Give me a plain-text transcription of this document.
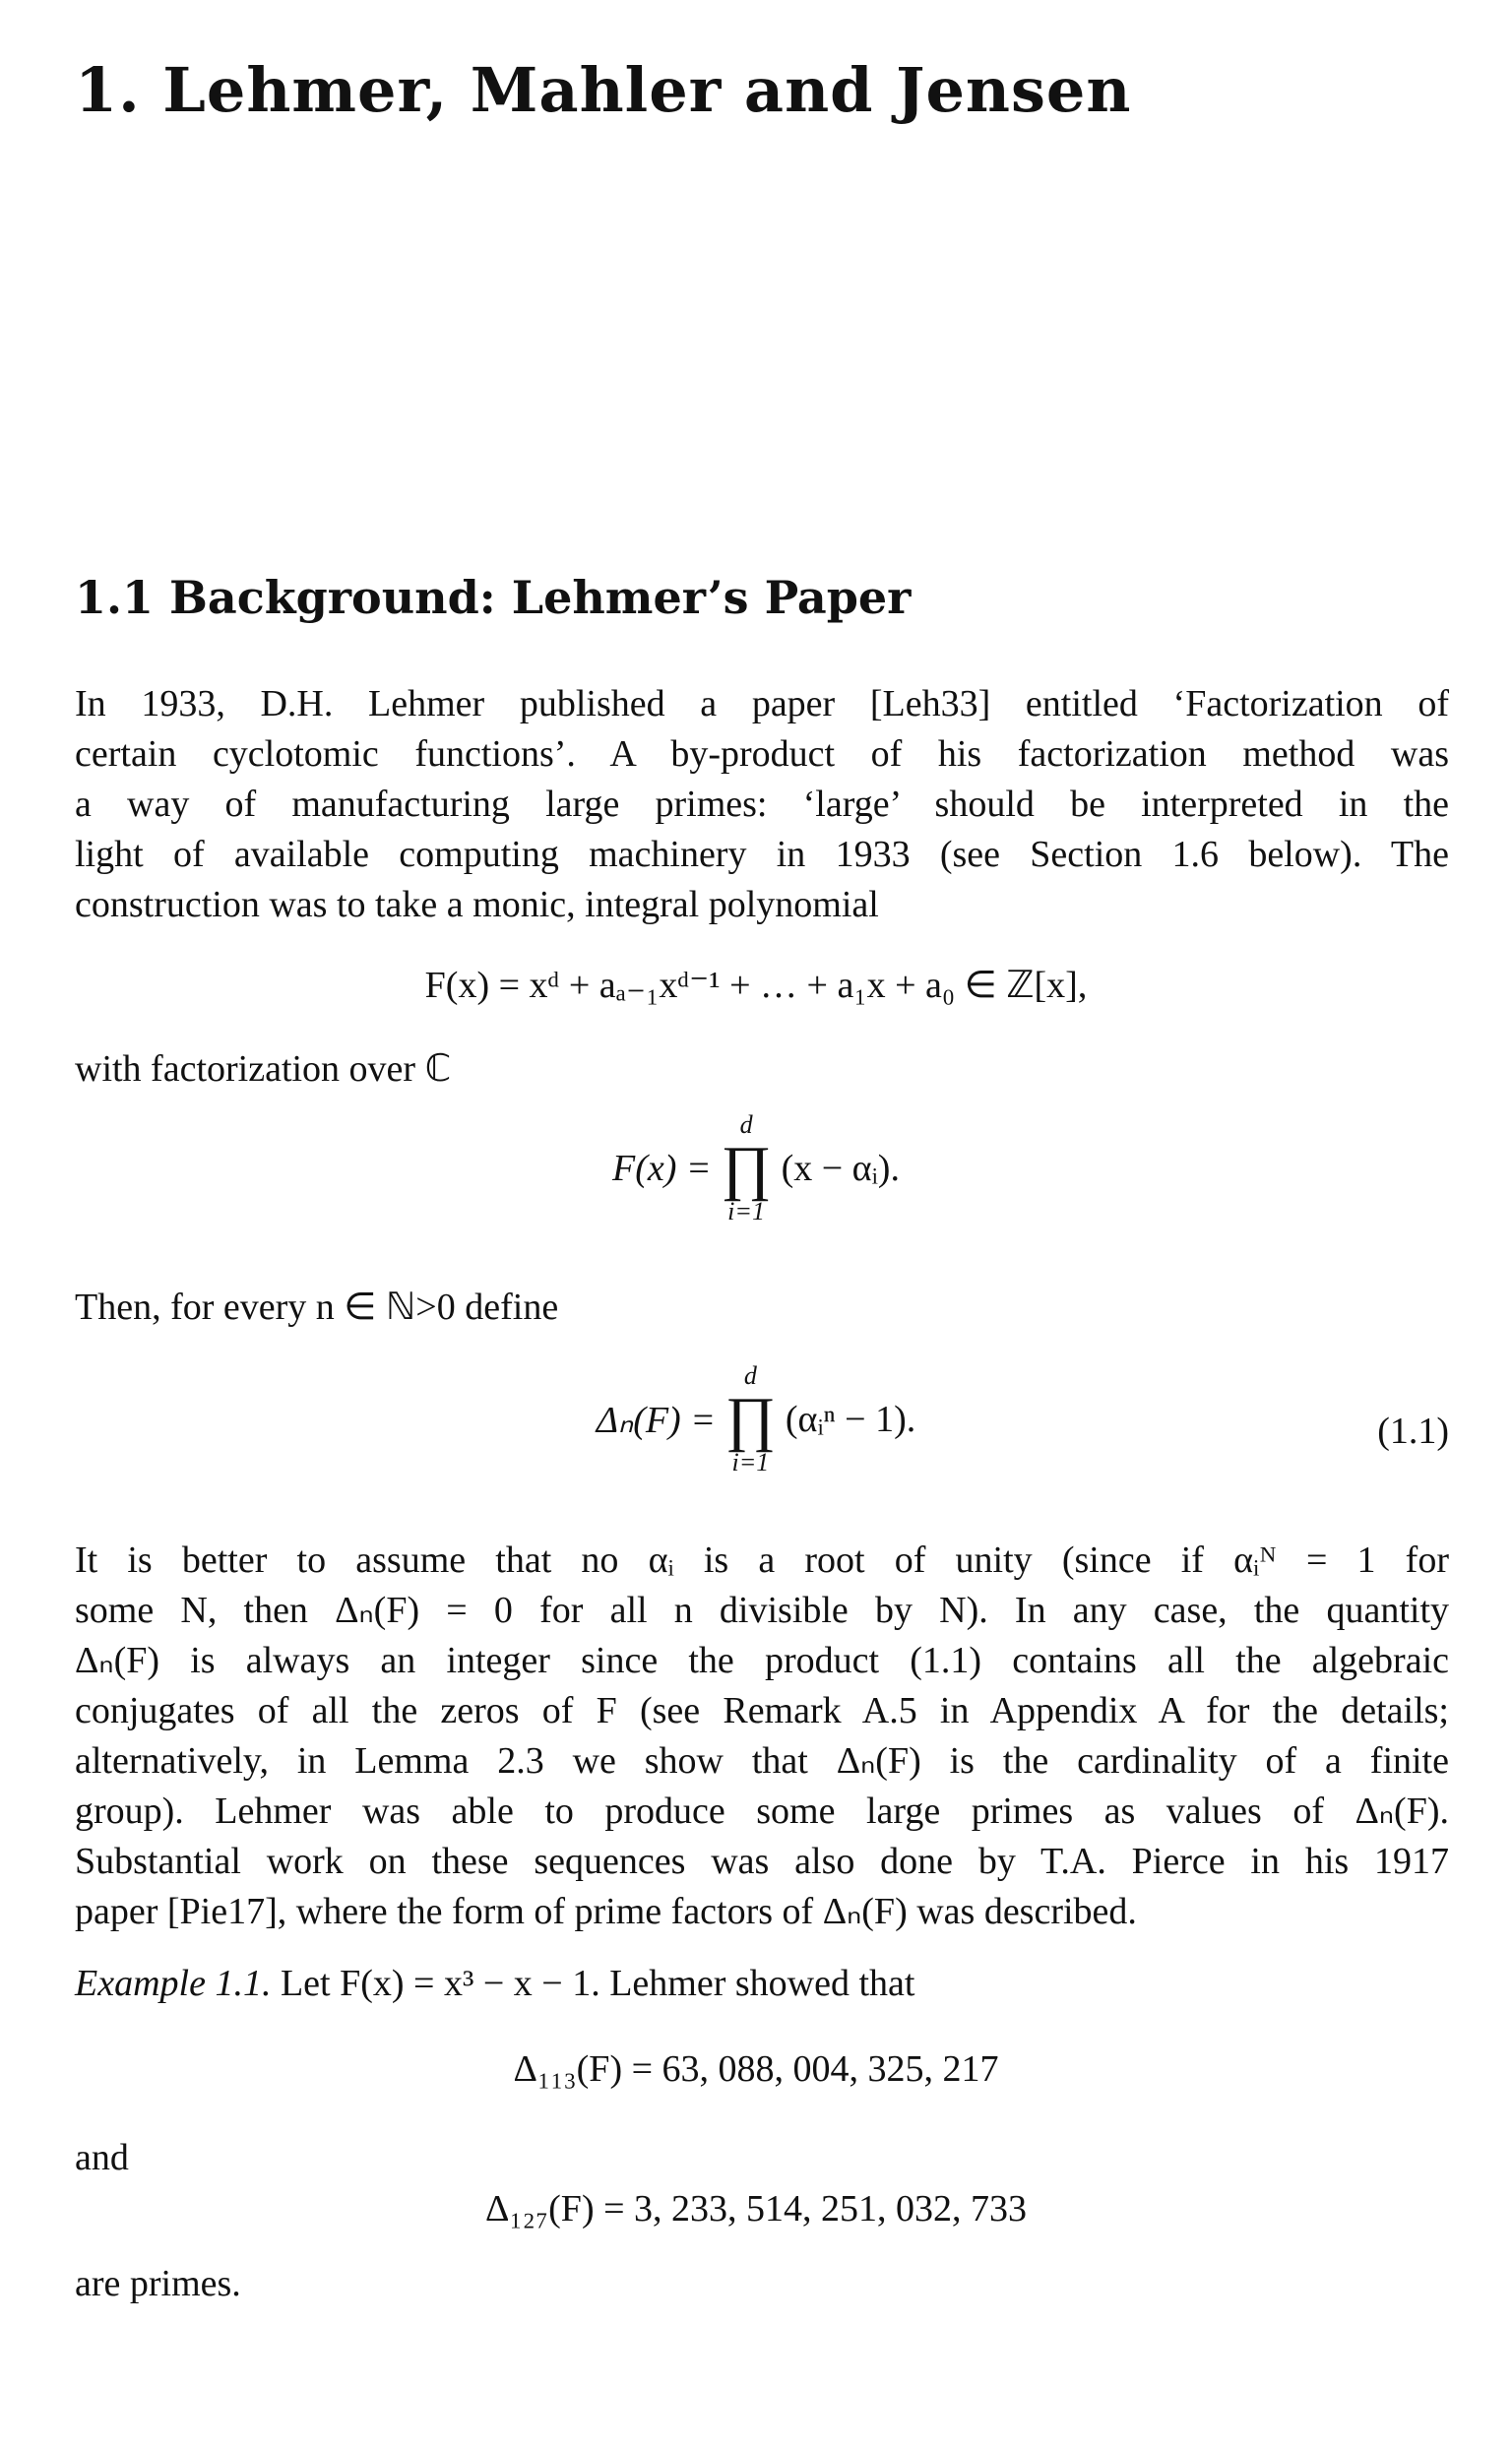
1. Lehmer, Mahler and Jensen
1.1 Background: Lehmer’s Paper
In 1933, D.H. Lehmer published a paper [Leh33] entitled ‘Factorization of
certain cyclotomic functions’. A by-product of his factorization method was
a way of manufacturing large primes: ‘large’ should be interpreted in the
light of available computing machinery in 1933 (see Section 1.6 below). The
construction was to take a monic, integral polynomial
F(x) = xᵈ + aₐ₋₁xᵈ⁻¹ + … + a₁x + a₀ ∈ ℤ[x],

with factorization over ℂ

F(x) =
d
∏
i=1
(x − αᵢ).

Then, for every n ∈ ℕ>0 define

Δₙ(F) =
d
∏
i=1
(αᵢⁿ − 1).	(1.1)
It is better to assume that no αᵢ is a root of unity (since if αᵢᴺ = 1 for
some N, then Δₙ(F) = 0 for all n divisible by N). In any case, the quantity
Δₙ(F) is always an integer since the product (1.1) contains all the algebraic
conjugates of all the zeros of F (see Remark A.5 in Appendix A for the details;
alternatively, in Lemma 2.3 we show that Δₙ(F) is the cardinality of a finite
group). Lehmer was able to produce some large primes as values of Δₙ(F).
Substantial work on these sequences was also done by T.A. Pierce in his 1917
paper [Pie17], where the form of prime factors of Δₙ(F) was described.

Example 1.1. Let F(x) = x³ − x − 1. Lehmer showed that

Δ₁₁₃(F) = 63, 088, 004, 325, 217

and

Δ₁₂₇(F) = 3, 233, 514, 251, 032, 733

are primes.
